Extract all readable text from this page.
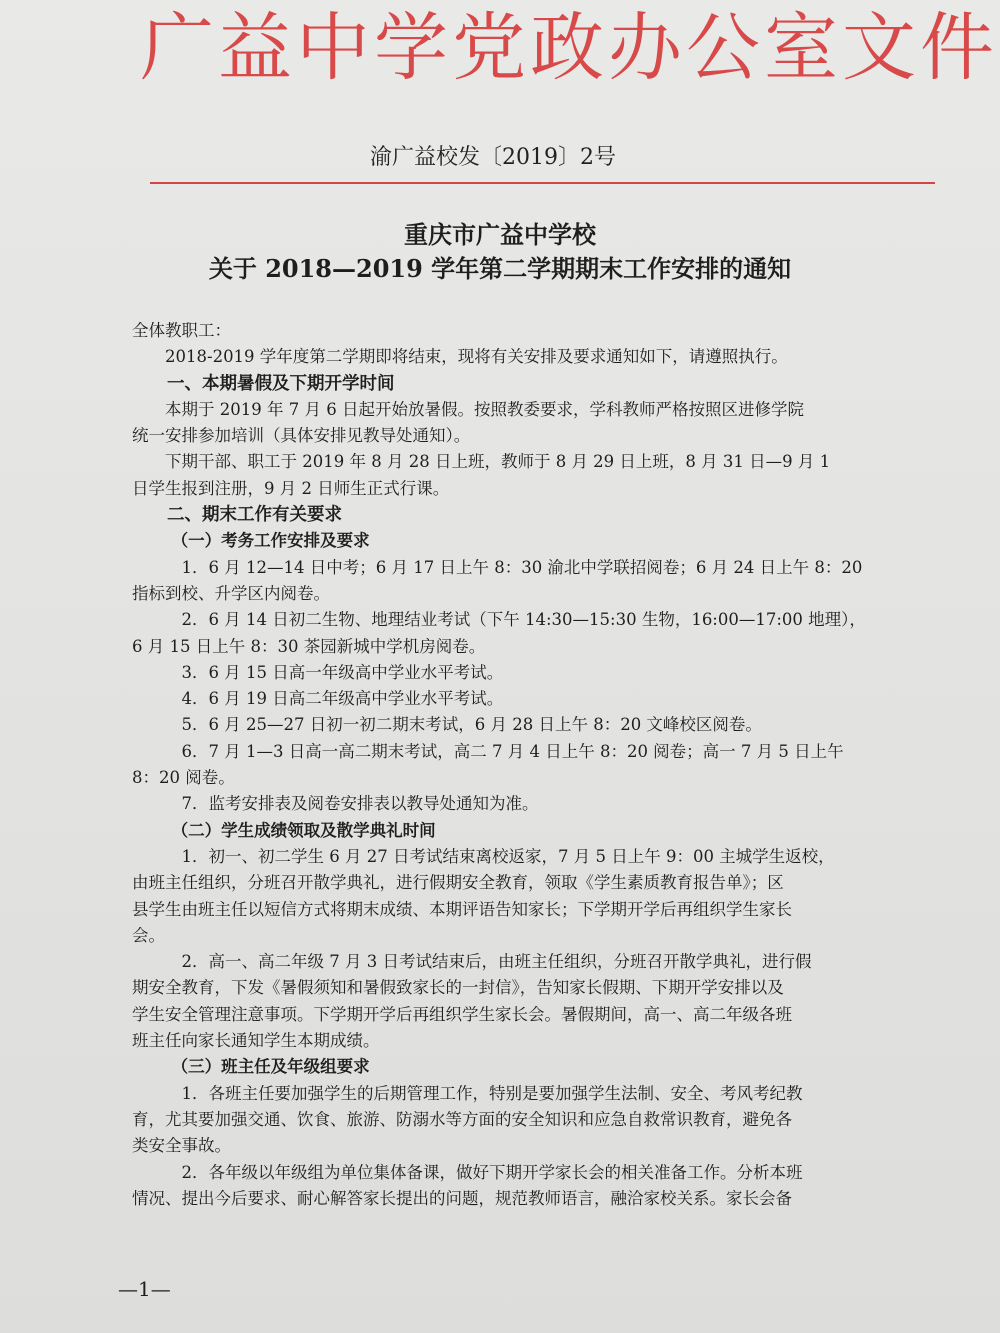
广益中学党政办公室文件
渝广益校发〔2019〕2号
重庆市广益中学校
关于 2018—2019 学年第二学期期末工作安排的通知

全体教职工：

2018-2019 学年度第二学期即将结束，现将有关安排及要求通知如下，请遵照执行。

一、本期暑假及下期开学时间

本期于 2019 年 7 月 6 日起开始放暑假。按照教委要求，学科教师严格按照区进修学院

统一安排参加培训（具体安排见教导处通知）。

下期干部、职工于 2019 年 8 月 28 日上班，教师于 8 月 29 日上班，8 月 31 日—9 月 1

日学生报到注册，9 月 2 日师生正式行课。

二、期末工作有关要求

（一）考务工作安排及要求

1．6 月 12—14 日中考；6 月 17 日上午 8：30 渝北中学联招阅卷；6 月 24 日上午 8：20

指标到校、升学区内阅卷。

2．6 月 14 日初二生物、地理结业考试（下午 14:30—15:30 生物，16:00—17:00 地理），

6 月 15 日上午 8：30 茶园新城中学机房阅卷。

3．6 月 15 日高一年级高中学业水平考试。

4．6 月 19 日高二年级高中学业水平考试。

5．6 月 25—27 日初一初二期末考试，6 月 28 日上午 8：20 文峰校区阅卷。

6．7 月 1—3 日高一高二期末考试，高二 7 月 4 日上午 8：20 阅卷；高一 7 月 5 日上午

8：20 阅卷。

7．监考安排表及阅卷安排表以教导处通知为准。

（二）学生成绩领取及散学典礼时间

1．初一、初二学生 6 月 27 日考试结束离校返家，7 月 5 日上午 9：00 主城学生返校，

由班主任组织，分班召开散学典礼，进行假期安全教育，领取《学生素质教育报告单》；区

县学生由班主任以短信方式将期末成绩、本期评语告知家长；下学期开学后再组织学生家长

会。

2．高一、高二年级 7 月 3 日考试结束后，由班主任组织，分班召开散学典礼，进行假

期安全教育，下发《暑假须知和暑假致家长的一封信》，告知家长假期、下期开学安排以及

学生安全管理注意事项。下学期开学后再组织学生家长会。暑假期间，高一、高二年级各班

班主任向家长通知学生本期成绩。

（三）班主任及年级组要求

1．各班主任要加强学生的后期管理工作，特别是要加强学生法制、安全、考风考纪教

育，尤其要加强交通、饮食、旅游、防溺水等方面的安全知识和应急自救常识教育，避免各

类安全事故。

2．各年级以年级组为单位集体备课，做好下期开学家长会的相关准备工作。分析本班

情况、提出今后要求、耐心解答家长提出的问题，规范教师语言，融洽家校关系。家长会备

—1—
